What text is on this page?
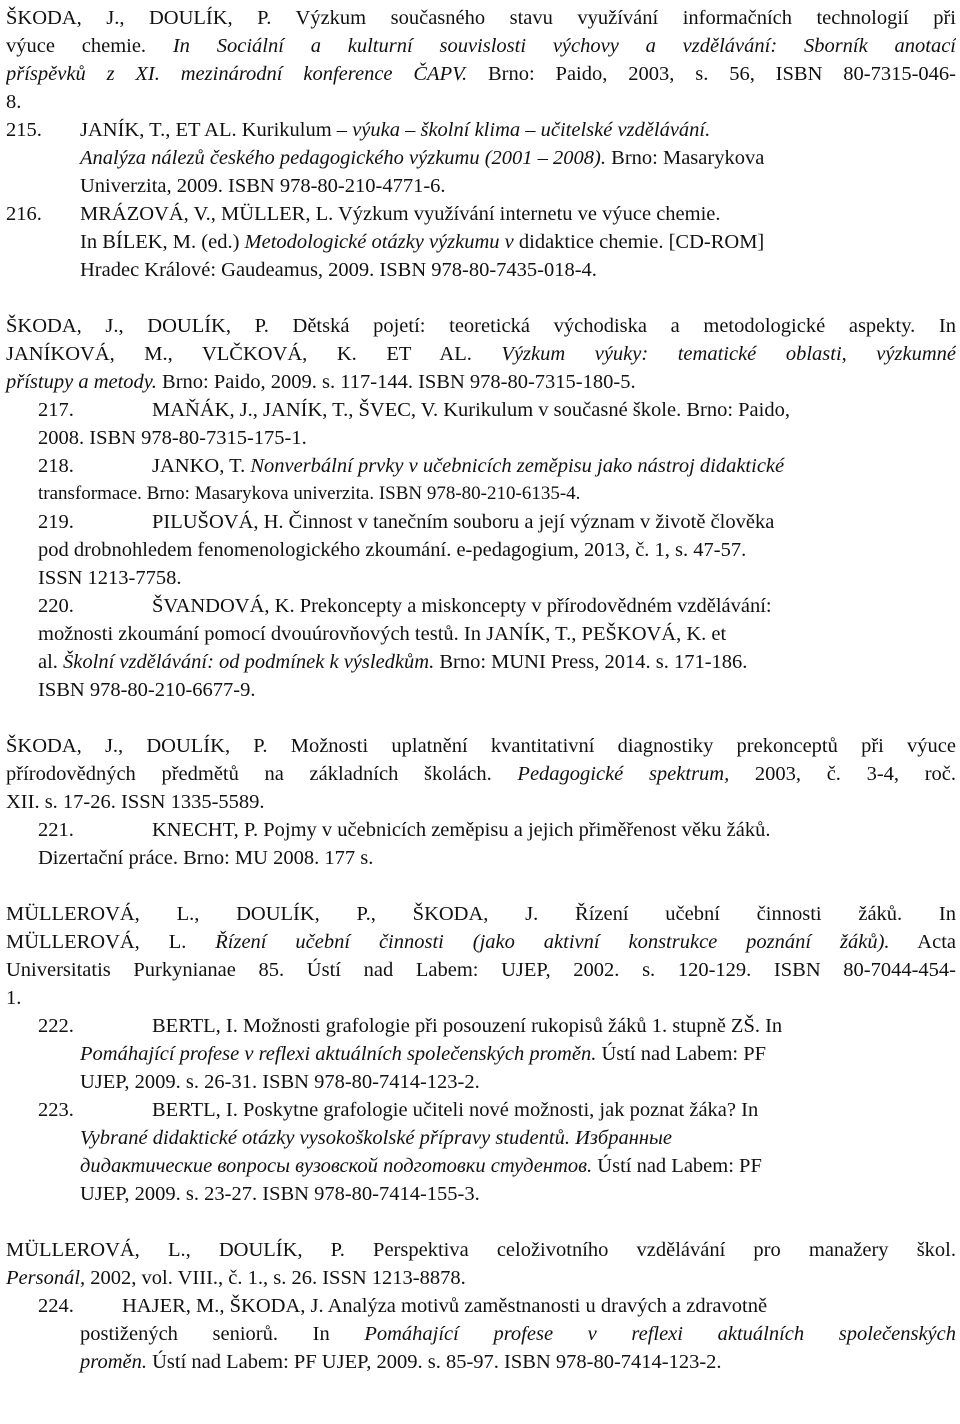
ŠKODA, J., DOULÍK, P. Výzkum současného stavu využívání informačních technologií při
výuce chemie. In Sociální a kulturní souvislosti výchovy a vzdělávání: Sborník anotací
příspěvků z XI. mezinárodní konference ČAPV. Brno: Paido, 2003, s. 56, ISBN 80-7315-046-
8.
215. JANÍK, T., ET AL. Kurikulum – výuka – školní klima – učitelské vzdělávání.
Analýza nálezů českého pedagogického výzkumu (2001 – 2008). Brno: Masarykova
Univerzita, 2009. ISBN 978-80-210-4771-6.
216. MRÁZOVÁ, V., MÜLLER, L. Výzkum využívání internetu ve výuce chemie.
In BÍLEK, M. (ed.) Metodologické otázky výzkumu v didaktice chemie. [CD-ROM]
Hradec Králové: Gaudeamus, 2009. ISBN 978-80-7435-018-4.
ŠKODA, J., DOULÍK, P. Dětská pojetí: teoretická východiska a metodologické aspekty. In
JANÍKOVÁ, M., VLČKOVÁ, K. ET AL. Výzkum výuky: tematické oblasti, výzkumné
přístupy a metody. Brno: Paido, 2009. s. 117-144. ISBN 978-80-7315-180-5.
217.	MAŇÁK, J., JANÍK, T., ŠVEC, V. Kurikulum v současné škole. Brno: Paido,
2008. ISBN 978-80-7315-175-1.
218.	JANKO, T. Nonverbální prvky v učebnicích zeměpisu jako nástroj didaktické
transformace. Brno: Masarykova univerzita. ISBN 978-80-210-6135-4.
219.	PILUŠOVÁ, H. Činnost v tanečním souboru a její význam v životě člověka
pod drobnohledem fenomenologického zkoumání. e-pedagogium, 2013, č. 1, s. 47-57.
ISSN 1213-7758.
220.	ŠVANDOVÁ, K. Prekoncepty a miskoncepty v přírodovědném vzdělávání:
možnosti zkoumání pomocí dvouúrovňových testů. In JANÍK, T., PEŠKOVÁ, K. et
al. Školní vzdělávání: od podmínek k výsledkům. Brno: MUNI Press, 2014. s. 171-186.
ISBN 978-80-210-6677-9.
ŠKODA, J., DOULÍK, P. Možnosti uplatnění kvantitativní diagnostiky prekonceptů při výuce
přírodovědných předmětů na základních školách. Pedagogické spektrum, 2003, č. 3-4, roč.
XII. s. 17-26. ISSN 1335-5589.
221.	KNECHT, P. Pojmy v učebnicích zeměpisu a jejich přiměřenost věku žáků.
Dizertační práce. Brno: MU 2008. 177 s.
MÜLLEROVÁ, L., DOULÍK, P., ŠKODA, J. Řízení učební činnosti žáků. In
MÜLLEROVÁ, L. Řízení učební činnosti (jako aktivní konstrukce poznání žáků). Acta
Universitatis Purkynianae 85. Ústí nad Labem: UJEP, 2002. s. 120-129. ISBN 80-7044-454-
1.
222.	BERTL, I. Možnosti grafologie při posouzení rukopisů žáků 1. stupně ZŠ. In
Pomáhající profese v reflexi aktuálních společenských proměn. Ústí nad Labem: PF
UJEP, 2009. s. 26-31. ISBN 978-80-7414-123-2.
223.	BERTL, I. Poskytne grafologie učiteli nové možnosti, jak poznat žáka? In
Vybrané didaktické otázky vysokoškolské přípravy studentů. Избранные
дидактические вопросы вузовской подготовки студентов. Ústí nad Labem: PF
UJEP, 2009. s. 23-27. ISBN 978-80-7414-155-3.
MÜLLEROVÁ, L., DOULÍK, P. Perspektiva celoživotního vzdělávání pro manažery škol.
Personál, 2002, vol. VIII., č. 1., s. 26. ISSN 1213-8878.
224. HAJER, M., ŠKODA, J. Analýza motivů zaměstnanosti u dravých a zdravotně
postižených seniorů. In Pomáhající profese v reflexi aktuálních společenských
proměn. Ústí nad Labem: PF UJEP, 2009. s. 85-97. ISBN 978-80-7414-123-2.
